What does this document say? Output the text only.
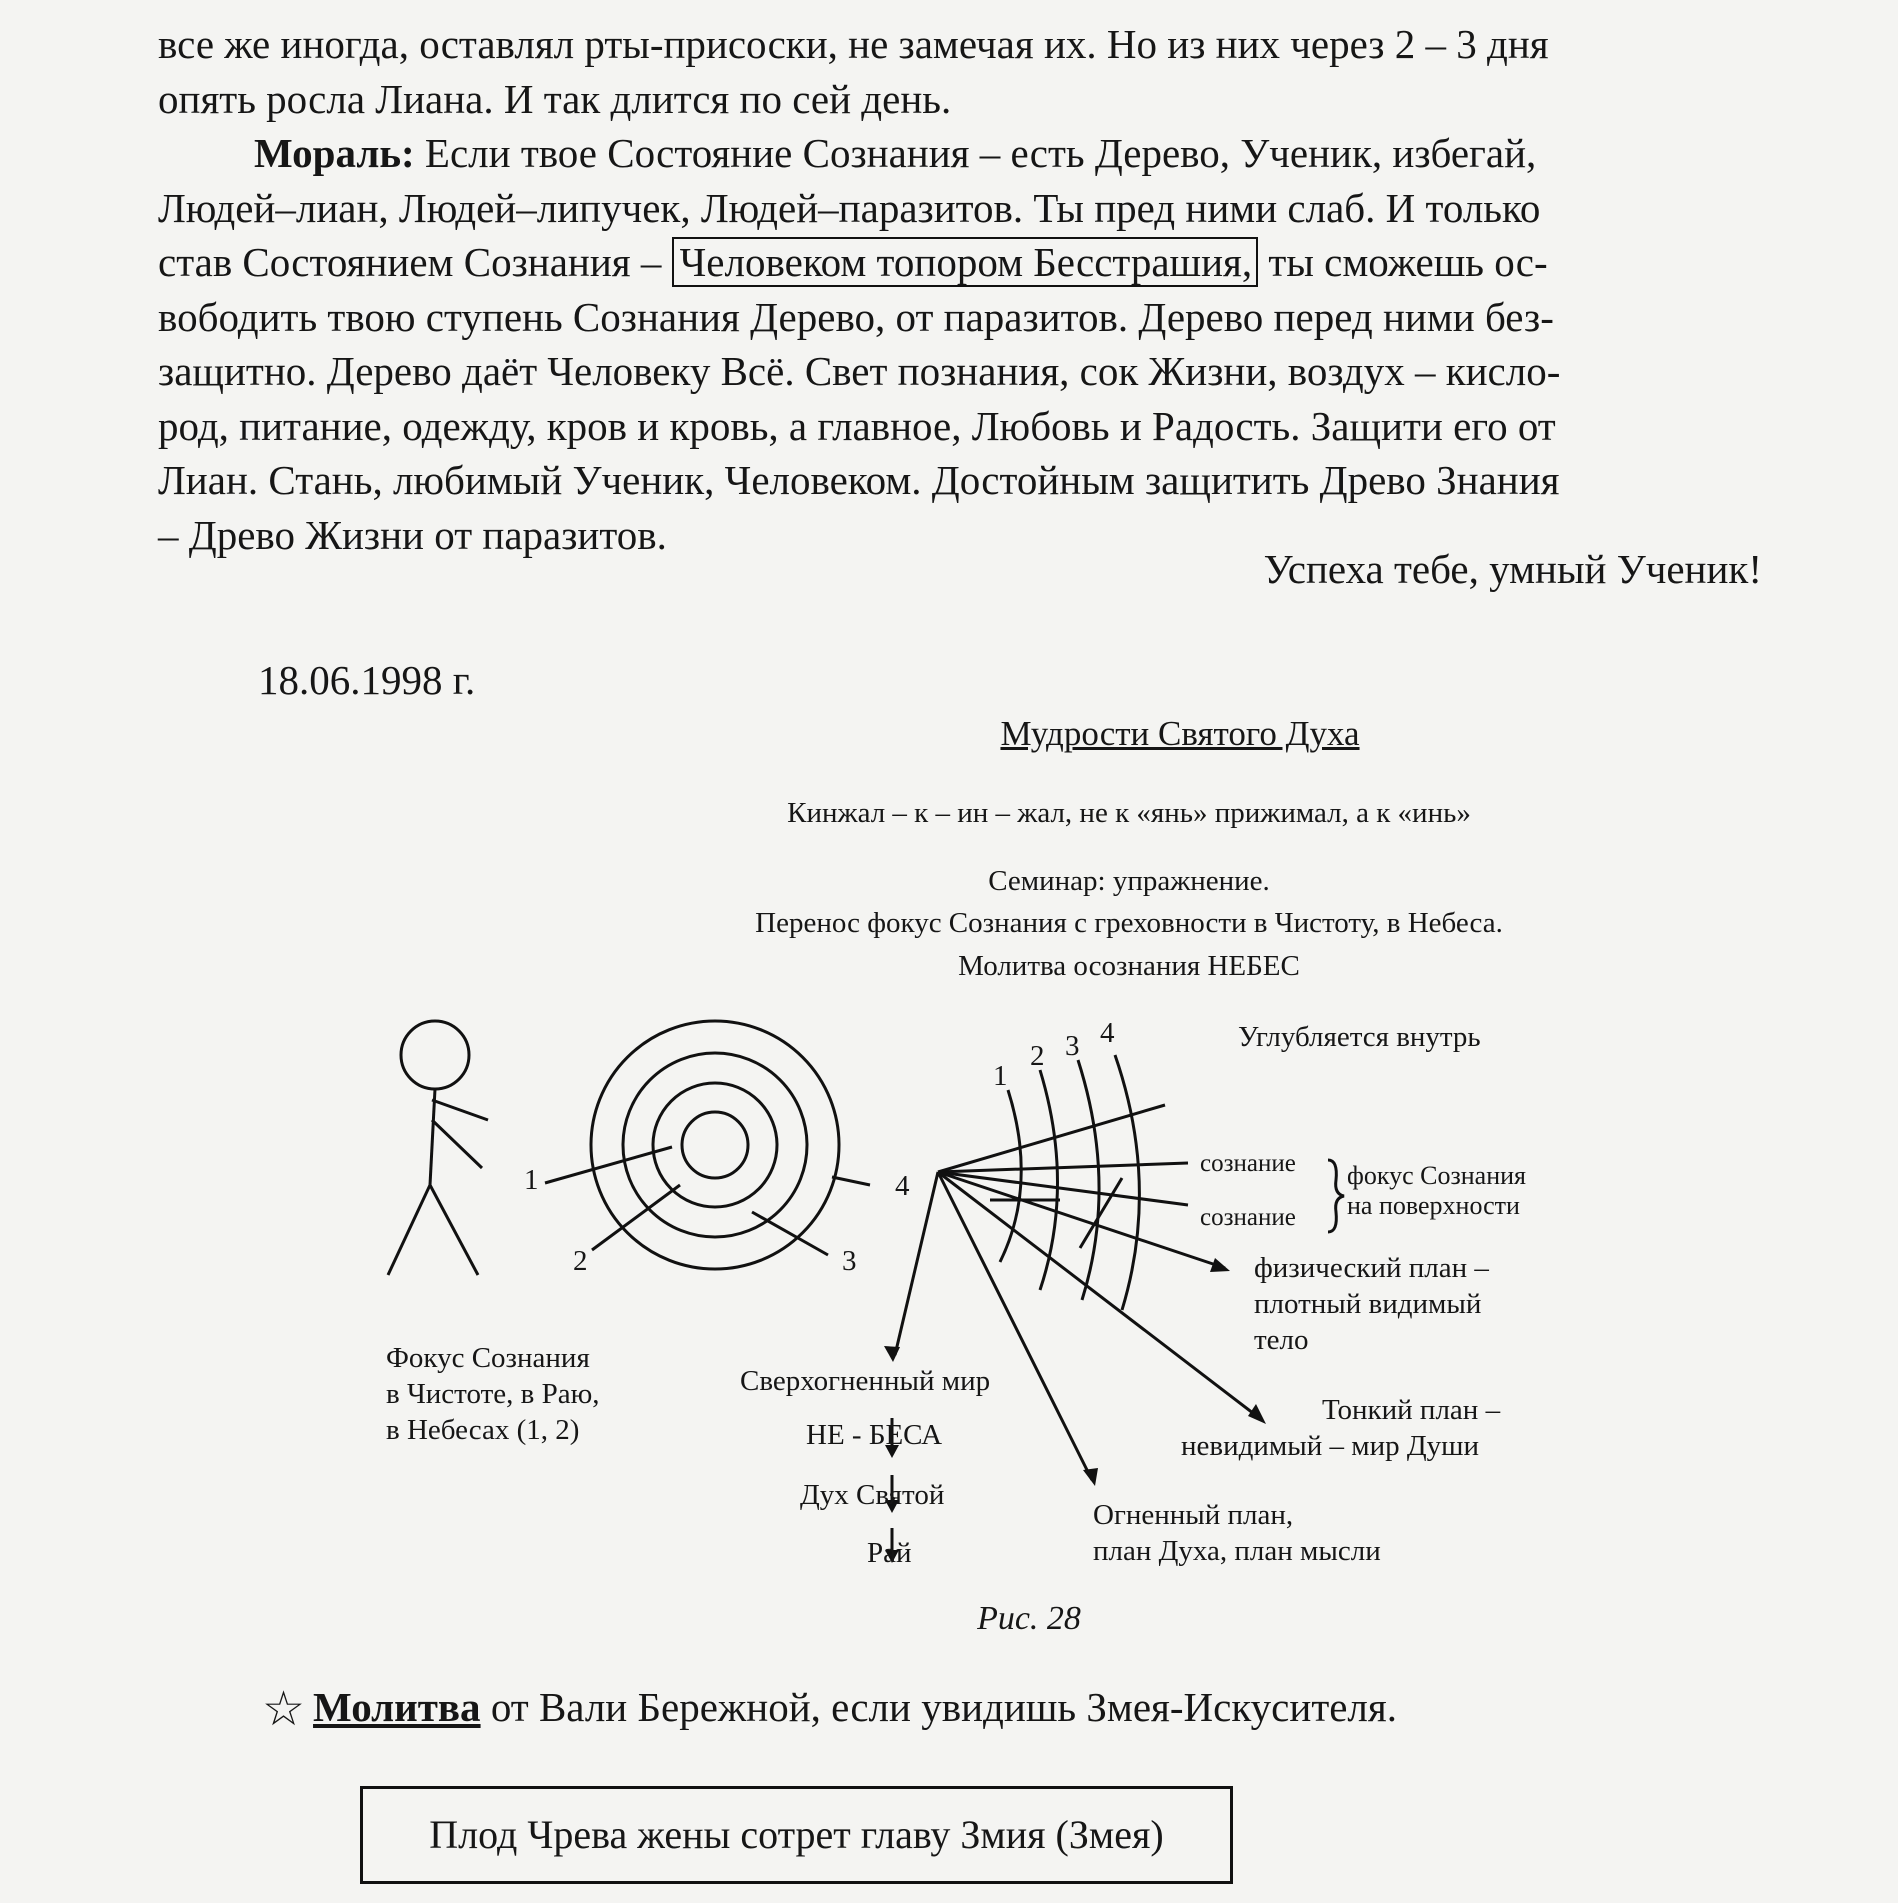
все же иногда, оставлял рты-присоски, не замечая их. Но из них через 2 – 3 дня
опять росла Лиана. И так длится по сей день.
Мораль: Если твое Состояние Сознания – есть Дерево, Ученик, избегай,
Людей–лиан, Людей–липучек, Людей–паразитов. Ты пред ними слаб. И только
став Состоянием Сознания – Человеком топором Бесстрашия, ты сможешь ос-
вободить твою ступень Сознания Дерево, от паразитов. Дерево перед ними без-
защитно. Дерево даёт Человеку Всё. Свет познания, сок Жизни, воздух – кисло-
род, питание, одежду, кров и кровь, а главное, Любовь и Радость. Защити его от
Лиан. Стань, любимый Ученик, Человеком. Достойным защитить Древо Знания
– Древо Жизни от паразитов.
Успеха тебе, умный Ученик!
18.06.1998 г.
Мудрости Святого Духа
Кинжал – к – ин – жал, не к «янь» прижимал, а к «инь»
Семинар: упражнение.
Перенос фокус Сознания с греховности в Чистоту, в Небеса.
Молитва осознания НЕБЕС
1
2	3
4
1
2 3 4	Углубляется внутрь
сознание
сознание
фокус Сознания
на поверхности
физический план –
плотный видимый
тело
Тонкий план –
невидимый – мир Души
Огненный план,
план Духа, план мысли
Сверхогненный мир
НЕ - БЕСА
Дух Святой
Рай
Фокус Сознания
в Чистоте, в Раю,
в Небесах (1, 2)
Рис. 28
☆ Молитва от Вали Бережной, если увидишь Змея-Искусителя.
Плод Чрева жены сотрет главу Змия (Змея)
